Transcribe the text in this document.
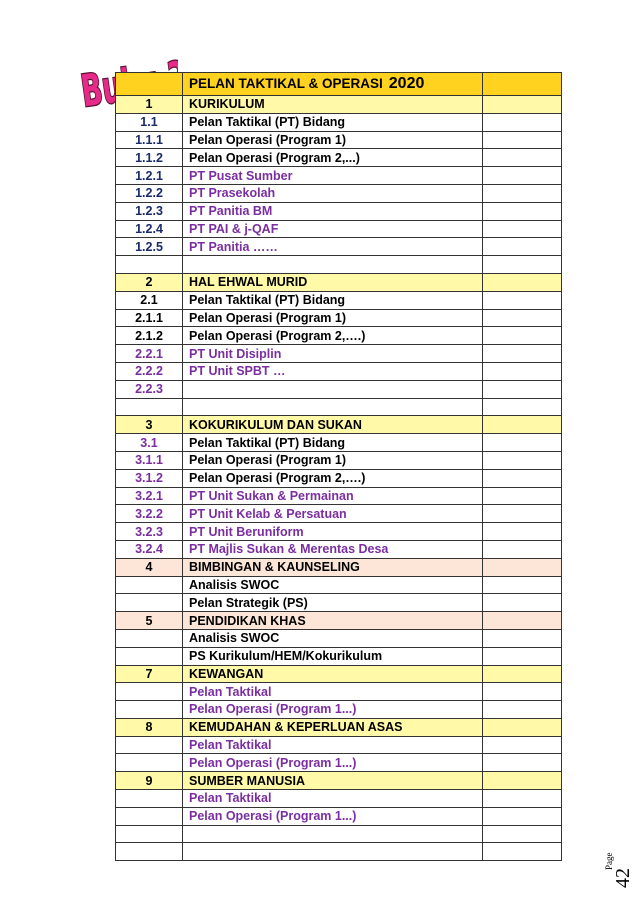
Buku 3
	PELAN TAKTIKAL & OPERASI 2020	
1	KURIKULUM	
1.1	Pelan Taktikal (PT) Bidang	
1.1.1	Pelan Operasi (Program 1)	
1.1.2	Pelan Operasi (Program 2,...)	
1.2.1	PT Pusat Sumber	
1.2.2	PT Prasekolah	
1.2.3	PT Panitia BM	
1.2.4	PT PAI & j-QAF	
1.2.5	PT Panitia ……	

2	HAL EHWAL MURID	
2.1	Pelan Taktikal (PT) Bidang	
2.1.1	Pelan Operasi (Program 1)	
2.1.2	Pelan Operasi (Program 2,….)	
2.2.1	PT Unit Disiplin	
2.2.2	PT Unit SPBT …	
2.2.3		

3	KOKURIKULUM DAN SUKAN	
3.1	Pelan Taktikal (PT) Bidang	
3.1.1	Pelan Operasi (Program 1)	
3.1.2	Pelan Operasi (Program 2,….)	
3.2.1	PT Unit Sukan & Permainan	
3.2.2	PT Unit Kelab & Persatuan	
3.2.3	PT Unit Beruniform	
3.2.4	PT Majlis Sukan & Merentas Desa	
4	BIMBINGAN & KAUNSELING	
	Analisis SWOC	
	Pelan Strategik (PS)	
5	PENDIDIKAN KHAS	
	Analisis SWOC	
	PS Kurikulum/HEM/Kokurikulum	
7	KEWANGAN	
	Pelan Taktikal	
	Pelan Operasi (Program 1...)	
8	KEMUDAHAN & KEPERLUAN ASAS	
	Pelan Taktikal	
	Pelan Operasi (Program 1...)	
9	SUMBER MANUSIA	
	Pelan Taktikal	
	Pelan Operasi (Program 1...)	

Page
42
